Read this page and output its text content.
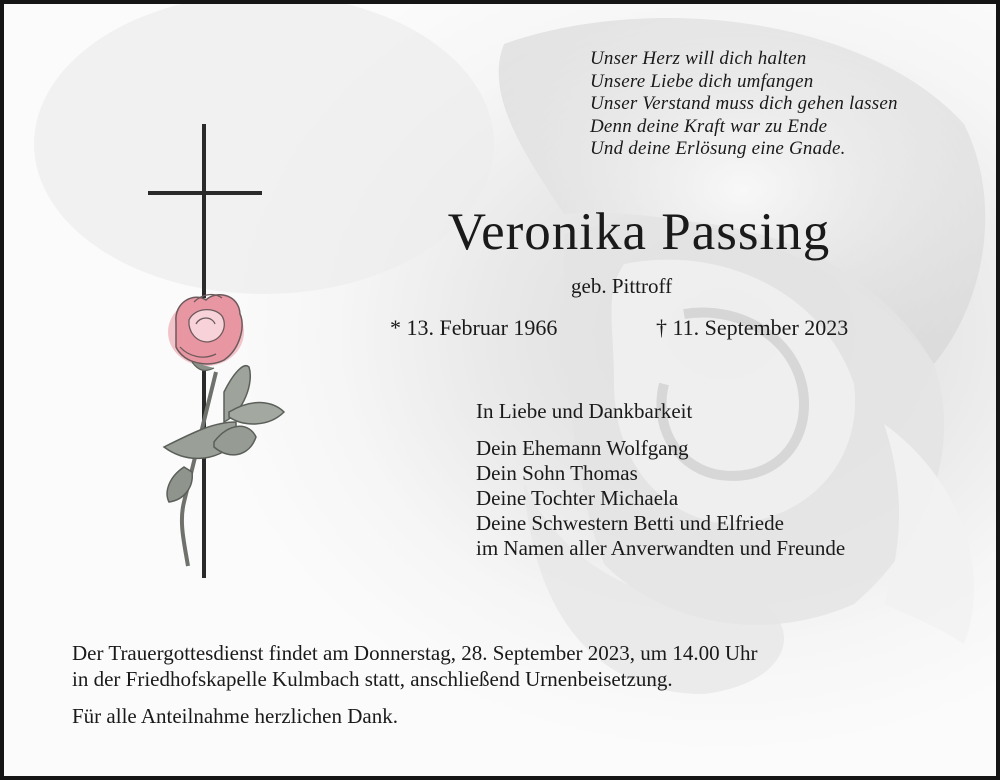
Unser Herz will dich halten
Unsere Liebe dich umfangen
Unser Verstand muss dich gehen lassen
Denn deine Kraft war zu Ende
Und deine Erlösung eine Gnade.
Veronika Passing
geb. Pittroff
* 13. Februar 1966	† 11. September 2023
In Liebe und Dankbarkeit
Dein Ehemann Wolfgang
Dein Sohn Thomas
Deine Tochter Michaela
Deine Schwestern Betti und Elfriede
im Namen aller Anverwandten und Freunde
Der Trauergottesdienst findet am Donnerstag, 28. September 2023, um 14.00 Uhr
in der Friedhofskapelle Kulmbach statt, anschließend Urnenbeisetzung.
Für alle Anteilnahme herzlichen Dank.
